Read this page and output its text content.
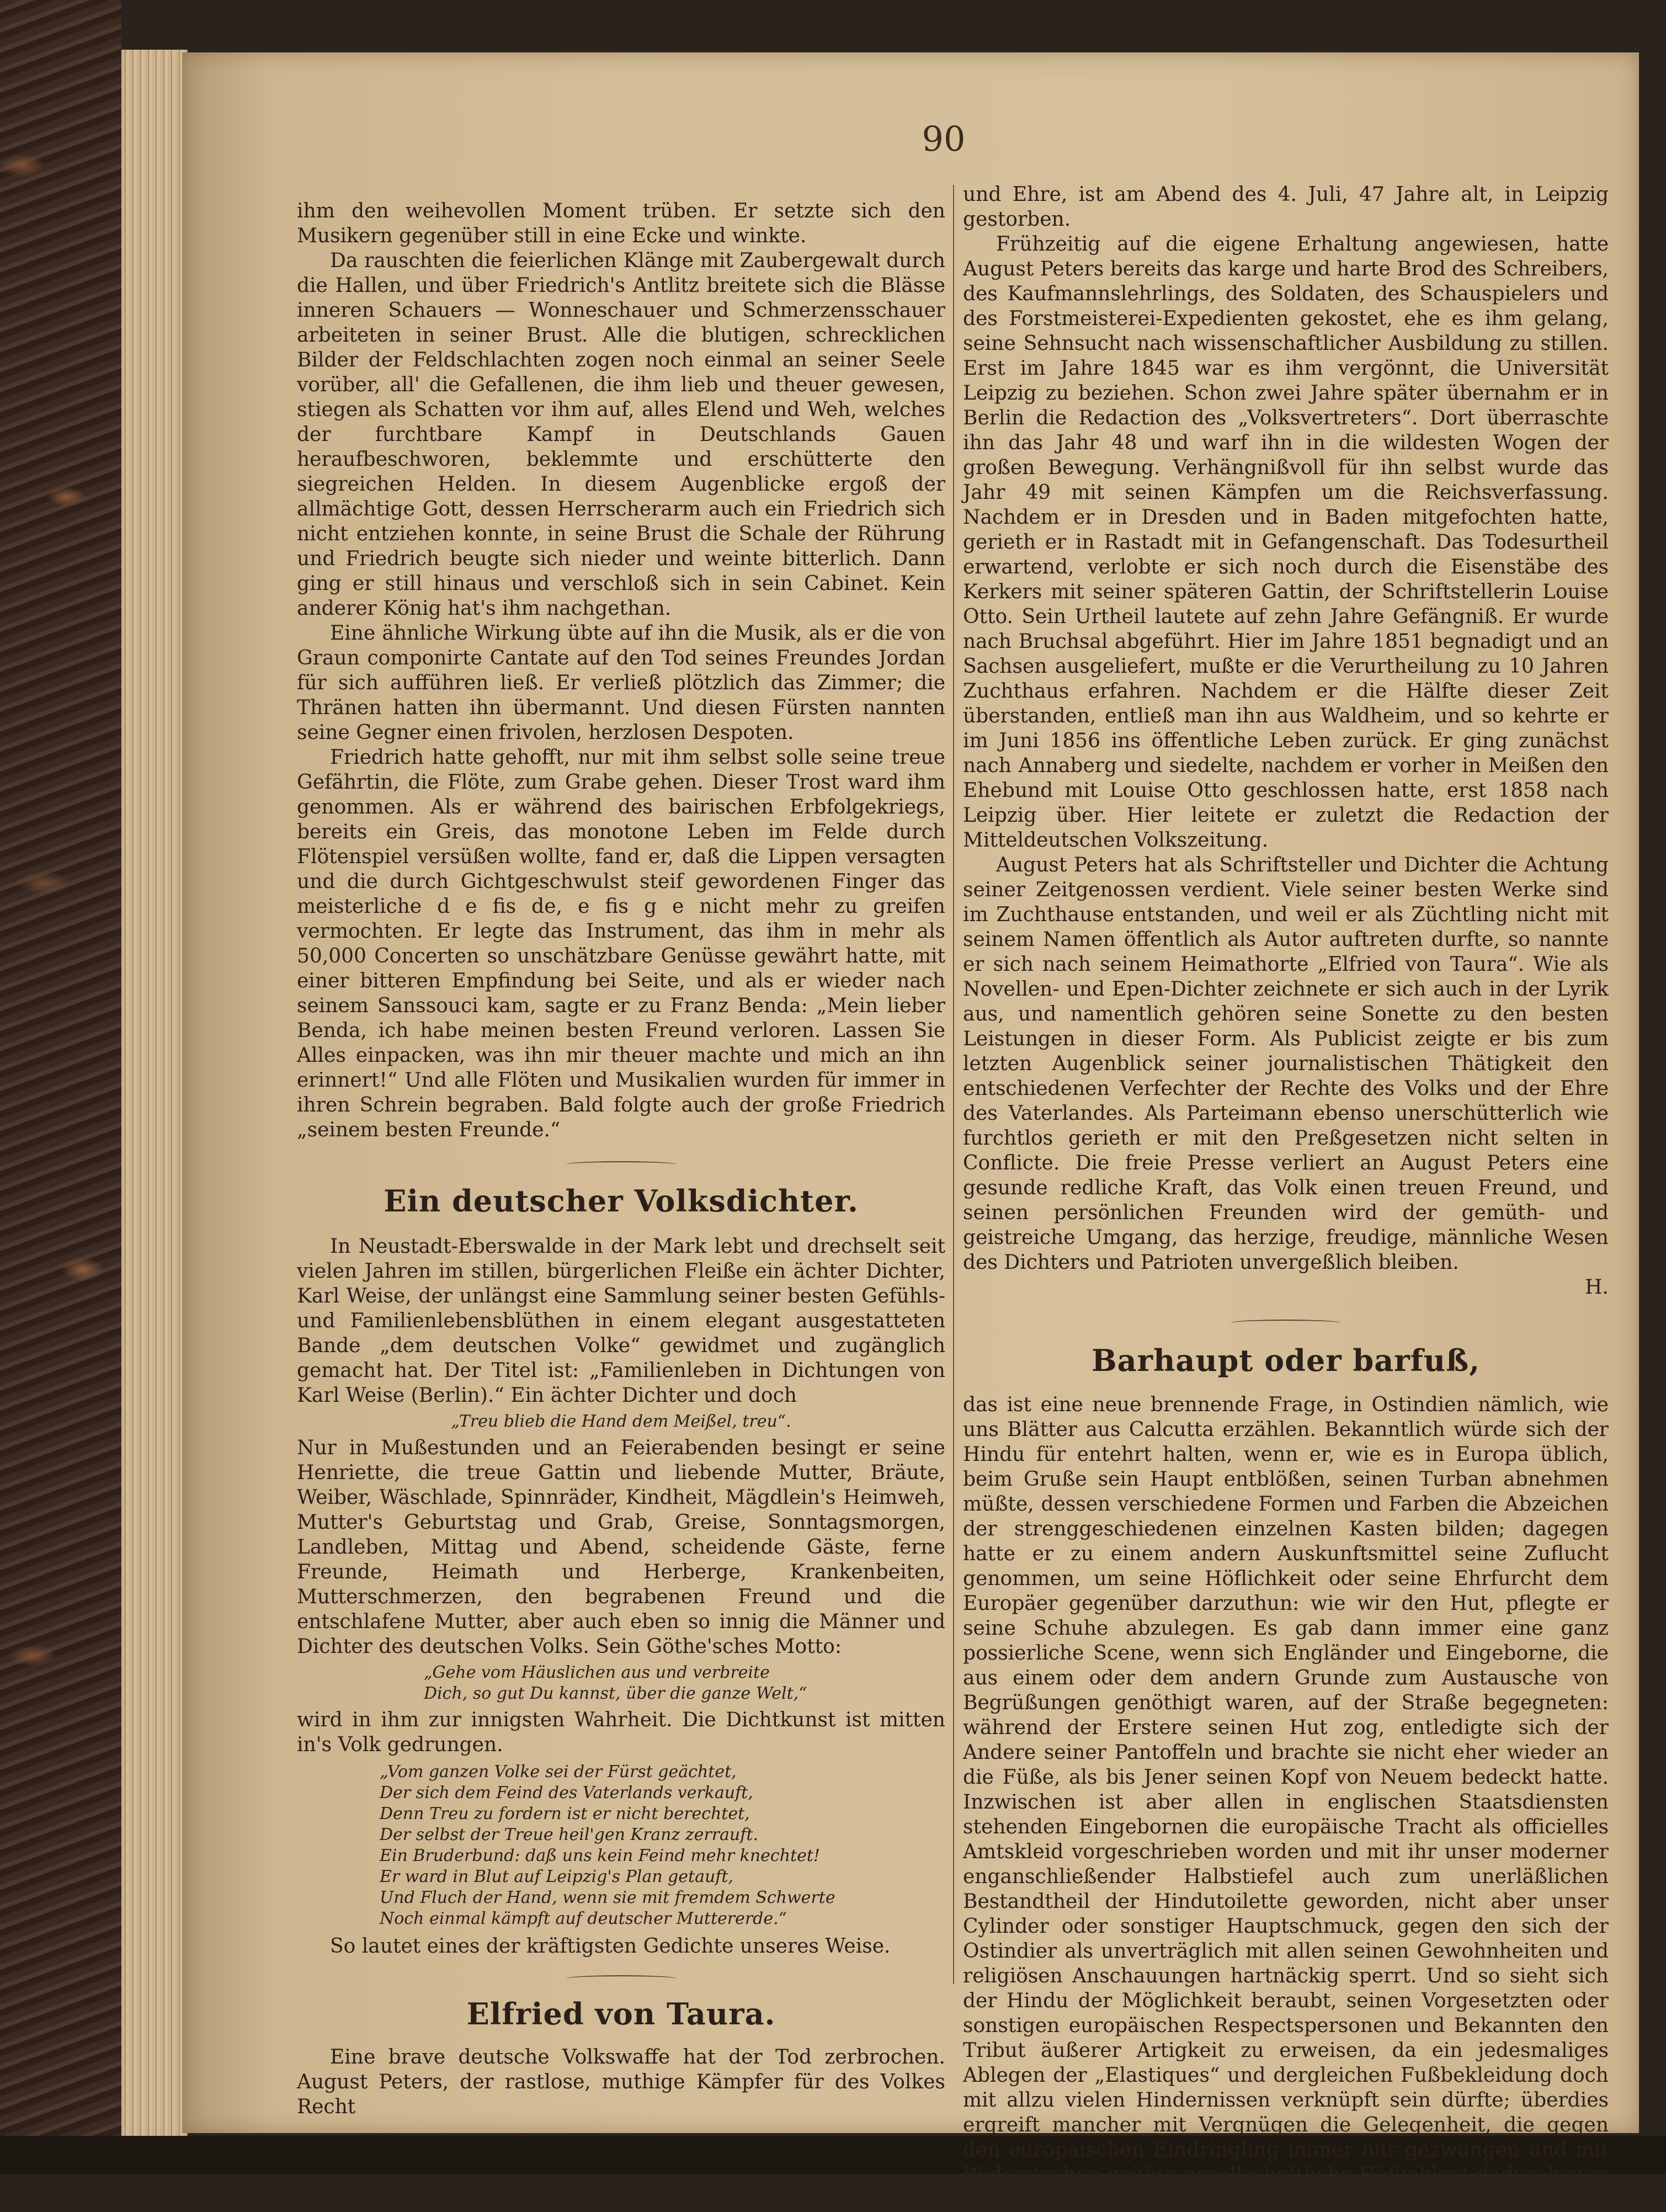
90

ihm den weihevollen Moment trüben. Er setzte sich den Musikern gegenüber still in eine Ecke und winkte.

Da rauschten die feierlichen Klänge mit Zaubergewalt durch die Hallen, und über Friedrich's Antlitz breitete sich die Blässe inneren Schauers — Wonneschauer und Schmerzensschauer arbeiteten in seiner Brust. Alle die blutigen, schrecklichen Bilder der Feldschlachten zogen noch einmal an seiner Seele vorüber, all' die Gefallenen, die ihm lieb und theuer gewesen, stiegen als Schatten vor ihm auf, alles Elend und Weh, welches der furchtbare Kampf in Deutschlands Gauen heraufbeschworen, beklemmte und erschütterte den siegreichen Helden. In diesem Augenblicke ergoß der allmächtige Gott, dessen Herrscherarm auch ein Friedrich sich nicht entziehen konnte, in seine Brust die Schale der Rührung und Friedrich beugte sich nieder und weinte bitterlich. Dann ging er still hinaus und verschloß sich in sein Cabinet. Kein anderer König hat's ihm nachgethan.

Eine ähnliche Wirkung übte auf ihn die Musik, als er die von Graun componirte Cantate auf den Tod seines Freundes Jordan für sich aufführen ließ. Er verließ plötzlich das Zimmer; die Thränen hatten ihn übermannt. Und diesen Fürsten nannten seine Gegner einen frivolen, herzlosen Despoten.

Friedrich hatte gehofft, nur mit ihm selbst solle seine treue Gefährtin, die Flöte, zum Grabe gehen. Dieser Trost ward ihm genommen. Als er während des bairischen Erbfolgekriegs, bereits ein Greis, das monotone Leben im Felde durch Flötenspiel versüßen wollte, fand er, daß die Lippen versagten und die durch Gichtgeschwulst steif gewordenen Finger das meisterliche d e fis de, e fis g e nicht mehr zu greifen vermochten. Er legte das Instrument, das ihm in mehr als 50,000 Concerten so unschätzbare Genüsse gewährt hatte, mit einer bitteren Empfindung bei Seite, und als er wieder nach seinem Sanssouci kam, sagte er zu Franz Benda: „Mein lieber Benda, ich habe meinen besten Freund verloren. Lassen Sie Alles einpacken, was ihn mir theuer machte und mich an ihn erinnert!“ Und alle Flöten und Musikalien wurden für immer in ihren Schrein begraben. Bald folgte auch der große Friedrich „seinem besten Freunde.“

Ein deutscher Volksdichter.

In Neustadt-Eberswalde in der Mark lebt und drechselt seit vielen Jahren im stillen, bürgerlichen Fleiße ein ächter Dichter, Karl Weise, der unlängst eine Sammlung seiner besten Gefühls- und Familienlebensblüthen in einem elegant ausgestatteten Bande „dem deutschen Volke“ gewidmet und zugänglich gemacht hat. Der Titel ist: „Familienleben in Dichtungen von Karl Weise (Berlin).“ Ein ächter Dichter und doch

„Treu blieb die Hand dem Meißel, treu“.

Nur in Mußestunden und an Feierabenden besingt er seine Henriette, die treue Gattin und liebende Mutter, Bräute, Weiber, Wäschlade, Spinnräder, Kindheit, Mägdlein's Heimweh, Mutter's Geburtstag und Grab, Greise, Sonntagsmorgen, Landleben, Mittag und Abend, scheidende Gäste, ferne Freunde, Heimath und Herberge, Krankenbeiten, Mutterschmerzen, den begrabenen Freund und die entschlafene Mutter, aber auch eben so innig die Männer und Dichter des deutschen Volks. Sein Göthe'sches Motto:

„Gehe vom Häuslichen aus und verbreite
Dich, so gut Du kannst, über die ganze Welt,“

wird in ihm zur innigsten Wahrheit. Die Dichtkunst ist mitten in's Volk gedrungen.

„Vom ganzen Volke sei der Fürst geächtet,
Der sich dem Feind des Vaterlands verkauft,
Denn Treu zu fordern ist er nicht berechtet,
Der selbst der Treue heil'gen Kranz zerrauft.
Ein Bruderbund: daß uns kein Feind mehr knechtet!
Er ward in Blut auf Leipzig's Plan getauft,
Und Fluch der Hand, wenn sie mit fremdem Schwerte
Noch einmal kämpft auf deutscher Muttererde.“

So lautet eines der kräftigsten Gedichte unseres Weise.

Elfried von Taura.

Eine brave deutsche Volkswaffe hat der Tod zerbrochen. August Peters, der rastlose, muthige Kämpfer für des Volkes Recht

und Ehre, ist am Abend des 4. Juli, 47 Jahre alt, in Leipzig gestorben.

Frühzeitig auf die eigene Erhaltung angewiesen, hatte August Peters bereits das karge und harte Brod des Schreibers, des Kaufmannslehrlings, des Soldaten, des Schauspielers und des Forstmeisterei-Expedienten gekostet, ehe es ihm gelang, seine Sehnsucht nach wissenschaftlicher Ausbildung zu stillen. Erst im Jahre 1845 war es ihm vergönnt, die Universität Leipzig zu beziehen. Schon zwei Jahre später übernahm er in Berlin die Redaction des „Volksvertreters“. Dort überraschte ihn das Jahr 48 und warf ihn in die wildesten Wogen der großen Bewegung. Verhängnißvoll für ihn selbst wurde das Jahr 49 mit seinen Kämpfen um die Reichsverfassung. Nachdem er in Dresden und in Baden mitgefochten hatte, gerieth er in Rastadt mit in Gefangenschaft. Das Todesurtheil erwartend, verlobte er sich noch durch die Eisenstäbe des Kerkers mit seiner späteren Gattin, der Schriftstellerin Louise Otto. Sein Urtheil lautete auf zehn Jahre Gefängniß. Er wurde nach Bruchsal abgeführt. Hier im Jahre 1851 begnadigt und an Sachsen ausgeliefert, mußte er die Verurtheilung zu 10 Jahren Zuchthaus erfahren. Nachdem er die Hälfte dieser Zeit überstanden, entließ man ihn aus Waldheim, und so kehrte er im Juni 1856 ins öffentliche Leben zurück. Er ging zunächst nach Annaberg und siedelte, nachdem er vorher in Meißen den Ehebund mit Louise Otto geschlossen hatte, erst 1858 nach Leipzig über. Hier leitete er zuletzt die Redaction der Mitteldeutschen Volkszeitung.

August Peters hat als Schriftsteller und Dichter die Achtung seiner Zeitgenossen verdient. Viele seiner besten Werke sind im Zuchthause entstanden, und weil er als Züchtling nicht mit seinem Namen öffentlich als Autor auftreten durfte, so nannte er sich nach seinem Heimathorte „Elfried von Taura“. Wie als Novellen- und Epen-Dichter zeichnete er sich auch in der Lyrik aus, und namentlich gehören seine Sonette zu den besten Leistungen in dieser Form. Als Publicist zeigte er bis zum letzten Augenblick seiner journalistischen Thätigkeit den entschiedenen Verfechter der Rechte des Volks und der Ehre des Vaterlandes. Als Parteimann ebenso unerschütterlich wie furchtlos gerieth er mit den Preßgesetzen nicht selten in Conflicte. Die freie Presse verliert an August Peters eine gesunde redliche Kraft, das Volk einen treuen Freund, und seinen persönlichen Freunden wird der gemüth- und geistreiche Umgang, das herzige, freudige, männliche Wesen des Dichters und Patrioten unvergeßlich bleiben.

H.

Barhaupt oder barfuß,

das ist eine neue brennende Frage, in Ostindien nämlich, wie uns Blätter aus Calcutta erzählen. Bekanntlich würde sich der Hindu für entehrt halten, wenn er, wie es in Europa üblich, beim Gruße sein Haupt entblößen, seinen Turban abnehmen müßte, dessen verschiedene Formen und Farben die Abzeichen der strenggeschiedenen einzelnen Kasten bilden; dagegen hatte er zu einem andern Auskunftsmittel seine Zuflucht genommen, um seine Höflichkeit oder seine Ehrfurcht dem Europäer gegenüber darzuthun: wie wir den Hut, pflegte er seine Schuhe abzulegen. Es gab dann immer eine ganz possierliche Scene, wenn sich Engländer und Eingeborne, die aus einem oder dem andern Grunde zum Austausche von Begrüßungen genöthigt waren, auf der Straße begegneten: während der Erstere seinen Hut zog, entledigte sich der Andere seiner Pantoffeln und brachte sie nicht eher wieder an die Füße, als bis Jener seinen Kopf von Neuem bedeckt hatte. Inzwischen ist aber allen in englischen Staatsdiensten stehenden Eingebornen die europäische Tracht als officielles Amtskleid vorgeschrieben worden und mit ihr unser moderner enganschließender Halbstiefel auch zum unerläßlichen Bestandtheil der Hindutoilette geworden, nicht aber unser Cylinder oder sonstiger Hauptschmuck, gegen den sich der Ostindier als unverträglich mit allen seinen Gewohnheiten und religiösen Anschauungen hartnäckig sperrt. Und so sieht sich der Hindu der Möglichkeit beraubt, seinen Vorgesetzten oder sonstigen europäischen Respectspersonen und Bekannten den Tribut äußerer Artigkeit zu erweisen, da ein jedesmaliges Ablegen der „Elastiques“ und dergleichen Fußbekleidung doch mit allzu vielen Hindernissen verknüpft sein dürfte; überdies ergreift mancher mit Vergnügen die Gelegenheit, die gegen den europäischen Eindringling immer nur gezwungen und mit Widerstreben geübte gesellschaftliche Höflichkeit dadurch zum Dinge
